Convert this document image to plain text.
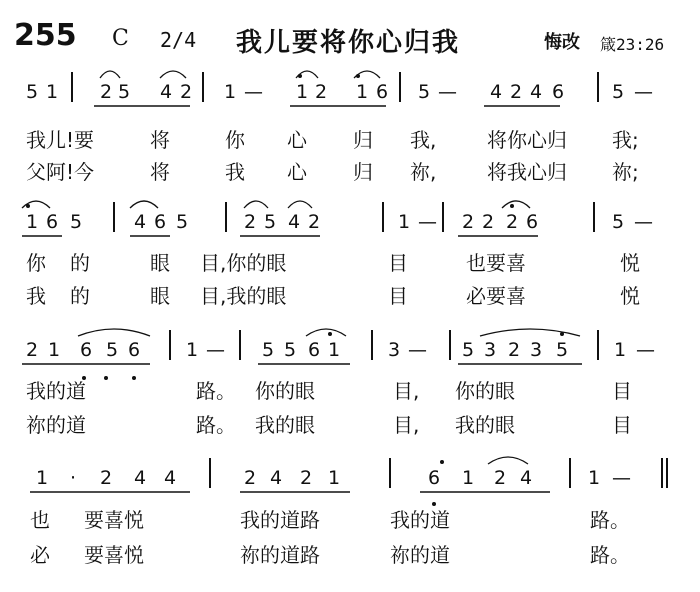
255 C 2/4 我儿要将你心归我	悔改 箴23:26
5 1 2 5 4 2 1 — 1 2 1 6 5 — 4 2 4 6	5 —
我儿!要	将	你 心 归 我,	将你心归 我;
父阿!今	将	我 心 归 祢,	将我心归 祢;
1 6 5	4 6 5	2 5 4 2	1 — 2 2 2 6	5 —
你 的	眼 目,你的眼	目	也要喜	悦
我 的	眼 目,我的眼	目	必要喜	悦
2 1 6 5 6 1 — 5 5 6 1	3 — 5 3 2 3 5 1 —
我的道	路。 你的眼	目, 你的眼	目
祢的道	路。 我的眼	目, 我的眼	目
1 · 2 4 4	2 4 2 1	6 1 2 4	1 —
也 要喜悦	我的道路	我的道	路。
必 要喜悦	祢的道路	祢的道	路。
